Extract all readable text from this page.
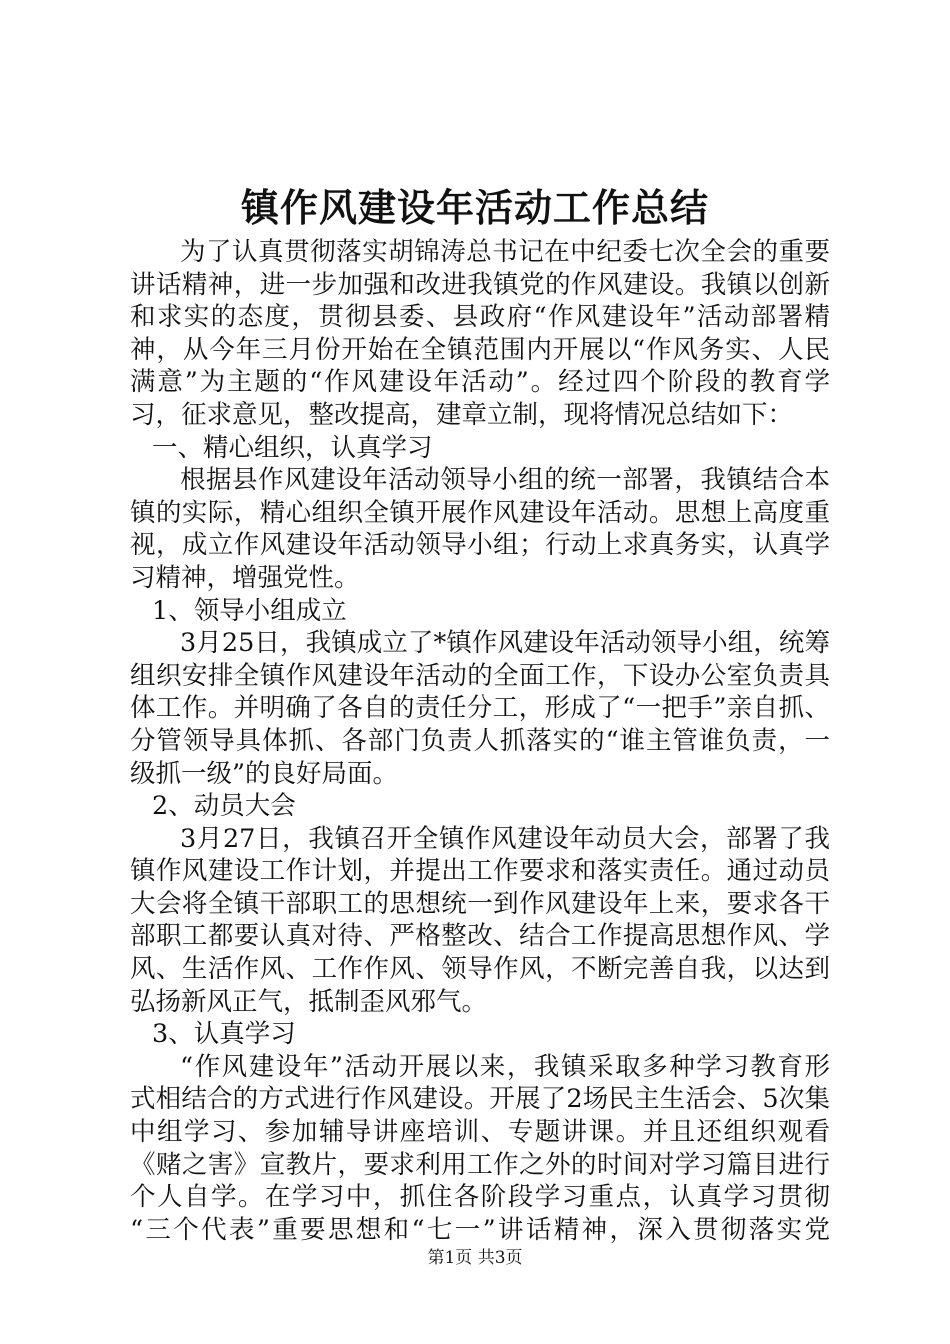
镇作风建设年活动工作总结
为了认真贯彻落实胡锦涛总书记在中纪委七次全会的重要
讲话精神，进一步加强和改进我镇党的作风建设。我镇以创新
和求实的态度，贯彻县委、县政府“作风建设年”活动部署精
神，从今年三月份开始在全镇范围内开展以“作风务实、人民
满意”为主题的“作风建设年活动”。经过四个阶段的教育学
习，征求意见，整改提高，建章立制，现将情况总结如下：
一、精心组织，认真学习
根据县作风建设年活动领导小组的统一部署，我镇结合本
镇的实际，精心组织全镇开展作风建设年活动。思想上高度重
视，成立作风建设年活动领导小组；行动上求真务实，认真学
习精神，增强党性。
1、领导小组成立
3月25日，我镇成立了*镇作风建设年活动领导小组，统筹
组织安排全镇作风建设年活动的全面工作，下设办公室负责具
体工作。并明确了各自的责任分工，形成了“一把手”亲自抓、
分管领导具体抓、各部门负责人抓落实的“谁主管谁负责，一
级抓一级”的良好局面。
2、动员大会
3月27日，我镇召开全镇作风建设年动员大会，部署了我
镇作风建设工作计划，并提出工作要求和落实责任。通过动员
大会将全镇干部职工的思想统一到作风建设年上来，要求各干
部职工都要认真对待、严格整改、结合工作提高思想作风、学
风、生活作风、工作作风、领导作风，不断完善自我，以达到
弘扬新风正气，抵制歪风邪气。
3、认真学习
“作风建设年”活动开展以来，我镇采取多种学习教育形
式相结合的方式进行作风建设。开展了2场民主生活会、5次集
中组学习、参加辅导讲座培训、专题讲课。并且还组织观看
《赌之害》宣教片，要求利用工作之外的时间对学习篇目进行
个人自学。在学习中，抓住各阶段学习重点，认真学习贯彻
“三个代表”重要思想和“七一”讲话精神，深入贯彻落实党
第1页 共3页
